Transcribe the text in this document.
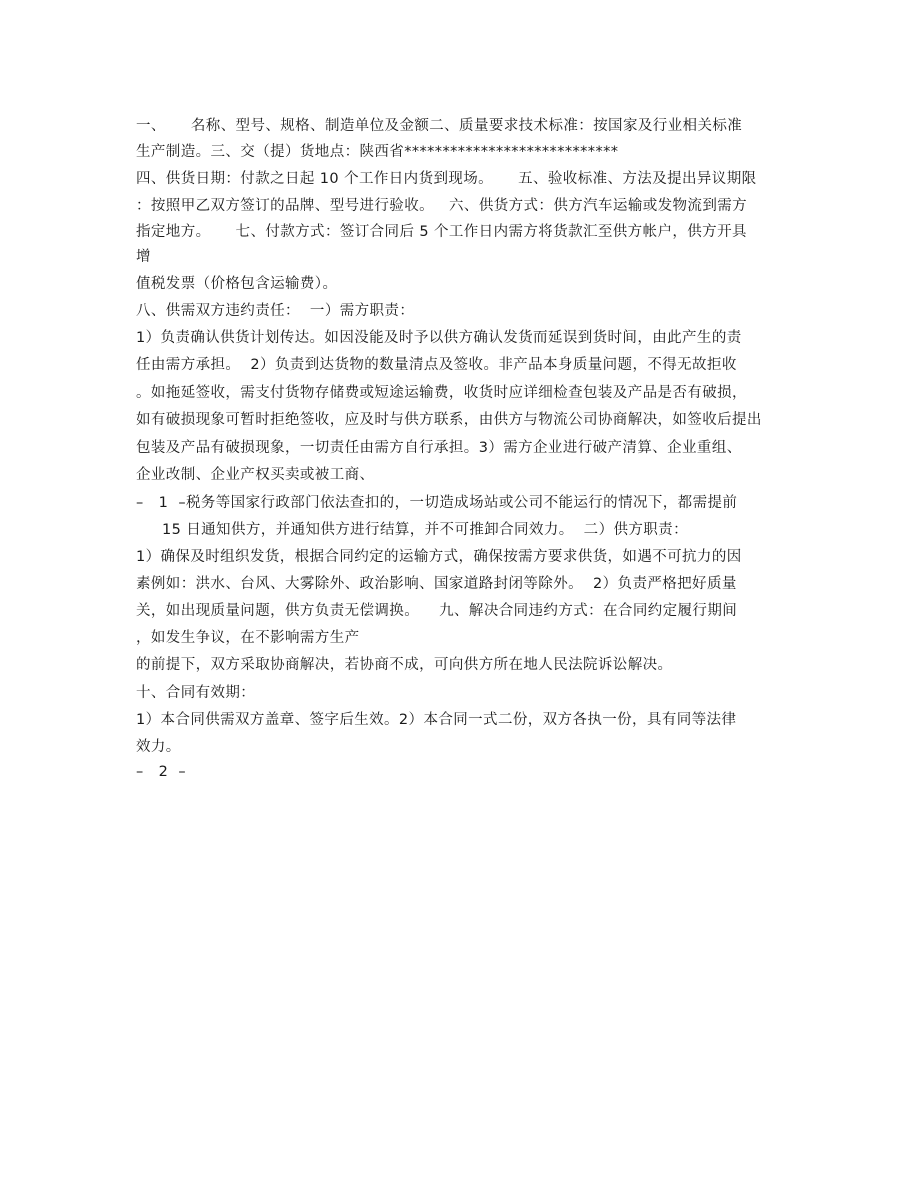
一、     名称、型号、规格、制造单位及金额二、质量要求技术标准：按国家及行业相关标准
生产制造。三、交（提）货地点：陕西省****************************
四、供货日期：付款之日起 10 个工作日内货到现场。     五、验收标准、方法及提出异议期限
：按照甲乙双方签订的品牌、型号进行验收。   六、供货方式：供方汽车运输或发物流到需方
指定地方。     七、付款方式：签订合同后 5 个工作日内需方将货款汇至供方帐户，供方开具
增
值税发票（价格包含运输费）。
八、供需双方违约责任：  一）需方职责：
1）负责确认供货计划传达。如因没能及时予以供方确认发货而延误到货时间，由此产生的责
任由需方承担。  2）负责到达货物的数量清点及签收。非产品本身质量问题，不得无故拒收
。如拖延签收，需支付货物存储费或短途运输费，收货时应详细检查包装及产品是否有破损，
如有破损现象可暂时拒绝签收，应及时与供方联系，由供方与物流公司协商解决，如签收后提出
包装及产品有破损现象，一切责任由需方自行承担。3）需方企业进行破产清算、企业重组、
企业改制、企业产权买卖或被工商、
–   1  –税务等国家行政部门依法查扣的，一切造成场站或公司不能运行的情况下，都需提前
15 日通知供方，并通知供方进行结算，并不可推卸合同效力。  二）供方职责：
1）确保及时组织发货，根据合同约定的运输方式，确保按需方要求供货，如遇不可抗力的因
素例如：洪水、台风、大雾除外、政治影响、国家道路封闭等除外。  2）负责严格把好质量
关，如出现质量问题，供方负责无偿调换。    九、解决合同违约方式：在合同约定履行期间
，如发生争议，在不影响需方生产
的前提下，双方采取协商解决，若协商不成，可向供方所在地人民法院诉讼解决。
十、合同有效期：
1）本合同供需双方盖章、签字后生效。2）本合同一式二份，双方各执一份，具有同等法律
效力。
–   2  –
